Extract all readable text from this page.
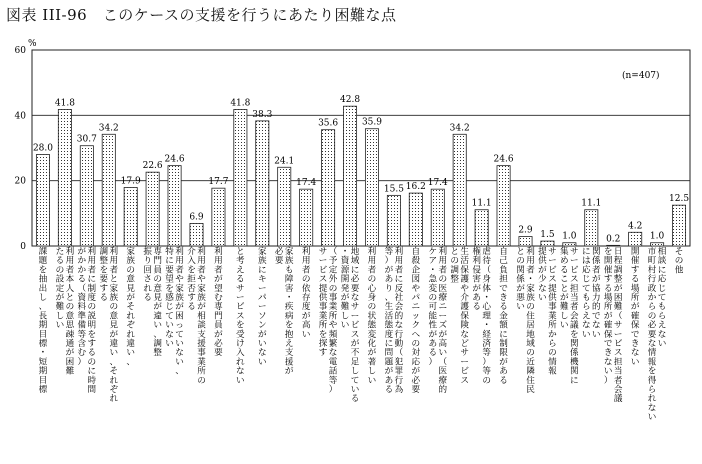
図表 III-96　このケースの支援を行うにあたり困難な点
0
20
40
60
%
28.0
41.8
30.7
34.2
17.9
22.6
24.6
6.9
17.7
41.8
38.3
24.1
17.4
35.6
42.8
35.9
15.5 16.2 17.4
34.2
11.1
24.6
2.9 1.5 1.0
11.1
0.2
4.2
1.0
12.5
課題を抽出し、長期目標・短期目標
利用者本人との意思疎通が困難
たるの設定が難しい
利用者に制度の説明をするのに時間
がかかる（資料準備等含む）
利用者と家族の意見が違い、それぞれ
調整を要する
家族の意見がそれぞれ違い、
専門員の意見が違い、調整
振り回される
利用者や家族が困っていない、
特に要望を感じていない
利用者や家族が相談支援事業所の
介入を拒否する
利用者が望む専門員が必要
と考えるサービスを受け入れない
家族にキーパーソンがいない
家族も障害・疾病を抱え支援が
必要
利用者の依存度が高い
（予定外の事業所や頻繁な電話等）
サービス提供事業所を探す
地域に必要なサービスが不足している
・資源開発が難しい
利用者の心身の状態変化が著しい
利用者に反社会的な行動（犯罪行為
等）があり、生活態度に問題がある
自殺企図やパニックへの対応が必要
利用者の医療ニーズが高い（医療的
ケア・急変の可能性がある）
生活保護や介護保険などサービス
との調整
虐待（身体・心理・経済等）等の
権利侵害がある
自己負担できる金額に制限がある
利用者・家族の住居地域の近隣住民
との関係が悪い
サービス提供事業所からの情報
提供が少ない
サービス担当者会議を関係機関に
集めることが難しい
関係者が協力的でない
には応じてもらえない
日程調整が困難（サービス担当者会議
を開催する場所が確保できない）
開催する場所が確保できない
相談に応じてもらえない
市町村行政からの必要な情報を得られない
その他
(n=407)
